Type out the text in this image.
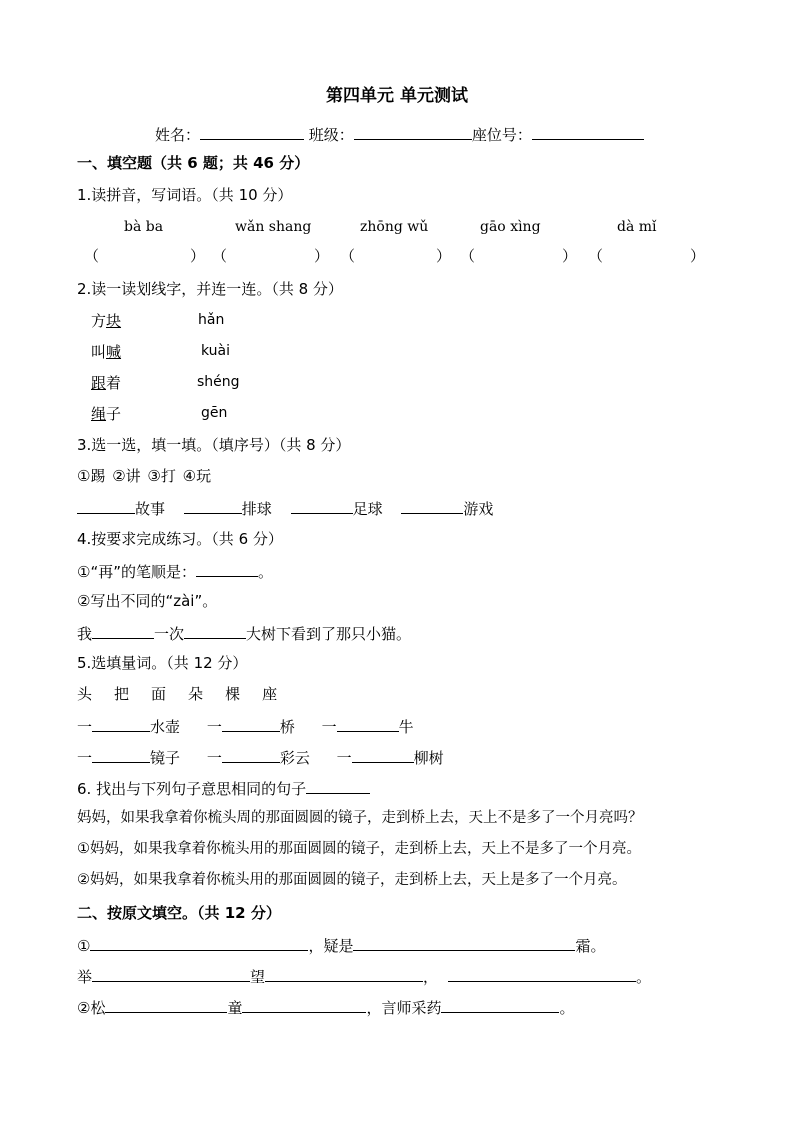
第四单元 单元测试
姓名：	班级：	座位号：
一、填空题（共 6 题；共 46 分）
1.读拼音，写词语。（共 10 分）
bà ba	wǎn shang	zhōng wǔ	gāo xìng	dà mǐ
（	） （	） （	） （	） （	）
2.读一读划线字，并连一连。（共 8 分）
方块
叫喊
跟着
绳子
hǎn
kuài
shéng
gēn
3.选一选，填一填。（填序号）（共 8 分）
①踢 ②讲 ③打 ④玩
故事	排球	足球	游戏
4.按要求完成练习。（共 6 分）
①“再”的笔顺是：	。
②写出不同的“zài”。
我	一次	大树下看到了那只小猫。
5.选填量词。（共 12 分）
头 把 面 朵 棵 座
一	水壶 一	桥 一	牛
一	镜子 一	彩云 一	柳树
6. 找出与下列句子意思相同的句子
妈妈，如果我拿着你梳头周的那面圆圆的镜子，走到桥上去，天上不是多了一个月亮吗？
①妈妈，如果我拿着你梳头用的那面圆圆的镜子，走到桥上去，天上不是多了一个月亮。
②妈妈，如果我拿着你梳头用的那面圆圆的镜子，走到桥上去，天上是多了一个月亮。
二、按原文填空。（共 12 分）
①	，疑是	霜。
举	望	，	。
②松	童	，言师采药	。
